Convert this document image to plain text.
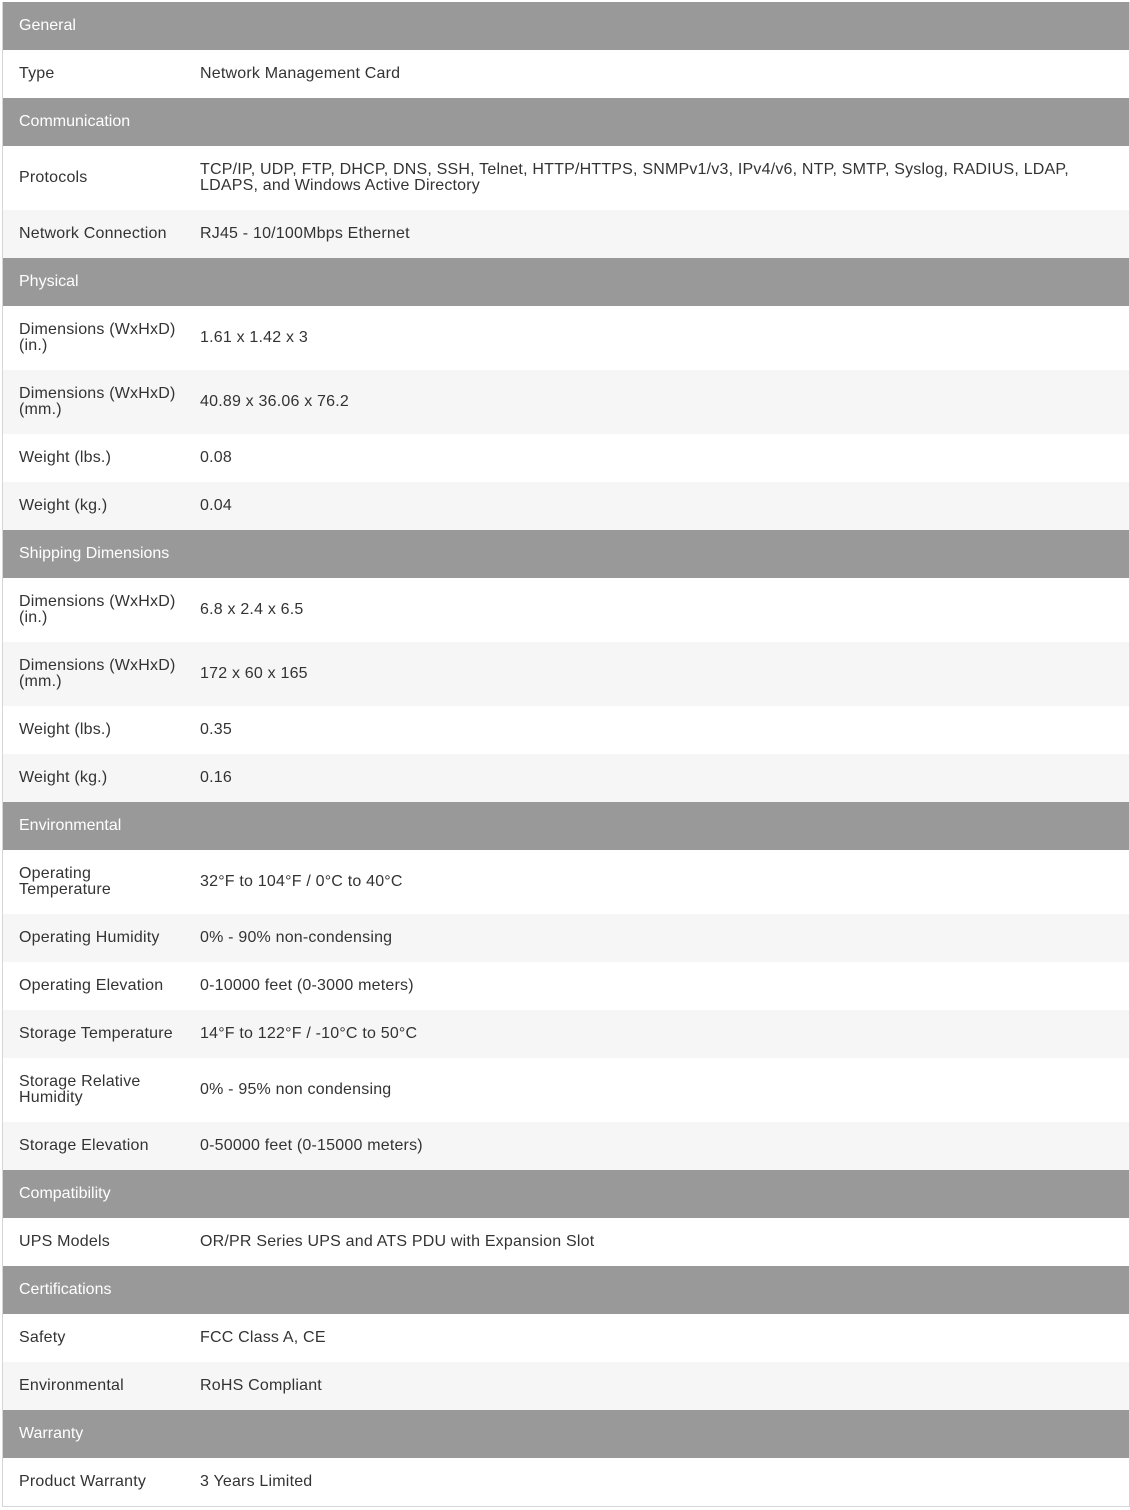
General
Type	Network Management Card
Communication
Protocols	TCP/IP, UDP, FTP, DHCP, DNS, SSH, Telnet, HTTP/HTTPS, SNMPv1/v3, IPv4/v6, NTP, SMTP, Syslog, RADIUS, LDAP, LDAPS, and Windows Active Directory
Network Connection	RJ45 - 10/100Mbps Ethernet
Physical
Dimensions (WxHxD) (in.)	1.61 x 1.42 x 3
Dimensions (WxHxD) (mm.)	40.89 x 36.06 x 76.2
Weight (lbs.)	0.08
Weight (kg.)	0.04
Shipping Dimensions
Dimensions (WxHxD) (in.)	6.8 x 2.4 x 6.5
Dimensions (WxHxD) (mm.)	172 x 60 x 165
Weight (lbs.)	0.35
Weight (kg.)	0.16
Environmental
Operating Temperature	32°F to 104°F / 0°C to 40°C
Operating Humidity	0% - 90% non-condensing
Operating Elevation	0-10000 feet (0-3000 meters)
Storage Temperature	14°F to 122°F / -10°C to 50°C
Storage Relative Humidity	0% - 95% non condensing
Storage Elevation	0-50000 feet (0-15000 meters)
Compatibility
UPS Models	OR/PR Series UPS and ATS PDU with Expansion Slot
Certifications
Safety	FCC Class A, CE
Environmental	RoHS Compliant
Warranty
Product Warranty	3 Years Limited
